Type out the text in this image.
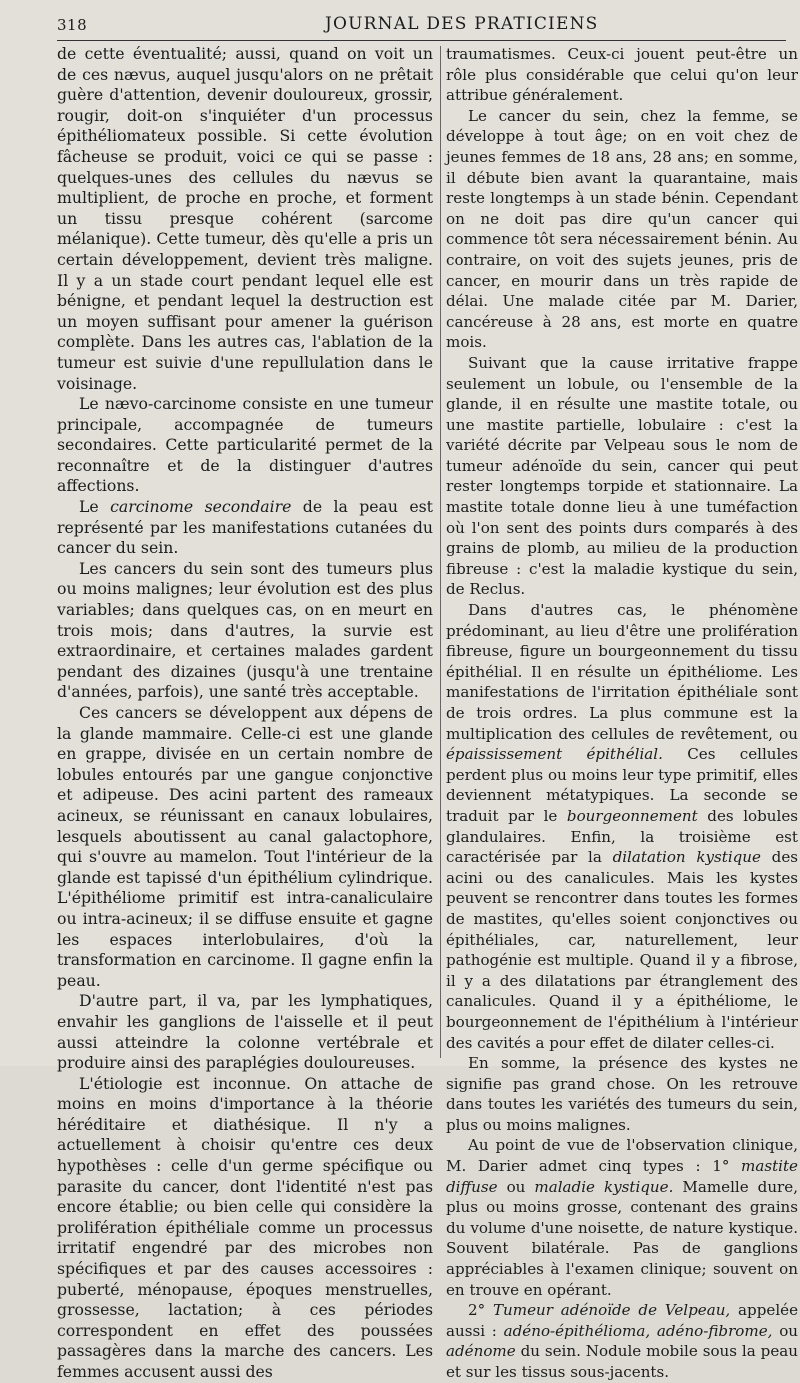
318	JOURNAL DES PRATICIENS

de cette éventualité; aussi, quand on voit un de ces nævus, auquel jusqu'alors on ne prêtait guère d'attention, devenir douloureux, grossir, rougir, doit-on s'inquiéter d'un processus épithéliomateux possible. Si cette évolution fâcheuse se produit, voici ce qui se passe : quelques-unes des cellules du nævus se multiplient, de proche en proche, et forment un tissu presque cohérent (sarcome mélanique). Cette tumeur, dès qu'elle a pris un certain développement, devient très maligne. Il y a un stade court pendant lequel elle est bénigne, et pendant lequel la destruction est un moyen suffisant pour amener la guérison complète. Dans les autres cas, l'ablation de la tumeur est suivie d'une repullulation dans le voisinage.

Le nævo-carcinome consiste en une tumeur principale, accompagnée de tumeurs secondaires. Cette particularité permet de la reconnaître et de la distinguer d'autres affections.

Le carcinome secondaire de la peau est représenté par les manifestations cutanées du cancer du sein.

Les cancers du sein sont des tumeurs plus ou moins malignes; leur évolution est des plus variables; dans quelques cas, on en meurt en trois mois; dans d'autres, la survie est extraordinaire, et certaines malades gardent pendant des dizaines (jusqu'à une trentaine d'années, parfois), une santé très acceptable.

Ces cancers se développent aux dépens de la glande mammaire. Celle-ci est une glande en grappe, divisée en un certain nombre de lobules entourés par une gangue conjonctive et adipeuse. Des acini partent des rameaux acineux, se réunissant en canaux lobulaires, lesquels aboutissent au canal galactophore, qui s'ouvre au mamelon. Tout l'intérieur de la glande est tapissé d'un épithélium cylindrique. L'épithéliome primitif est intra-canaliculaire ou intra-acineux; il se diffuse ensuite et gagne les espaces interlobulaires, d'où la transformation en carcinome. Il gagne enfin la peau.

D'autre part, il va, par les lymphatiques, envahir les ganglions de l'aisselle et il peut aussi atteindre la colonne vertébrale et produire ainsi des paraplégies douloureuses.

L'étiologie est inconnue. On attache de moins en moins d'importance à la théorie héréditaire et diathésique. Il n'y a actuellement à choisir qu'entre ces deux hypothèses : celle d'un germe spécifique ou parasite du cancer, dont l'identité n'est pas encore établie; ou bien celle qui considère la prolifération épithéliale comme un processus irritatif engendré par des microbes non spécifiques et par des causes accessoires : puberté, ménopause, époques menstruelles, grossesse, lactation; à ces périodes correspondent en effet des poussées passagères dans la marche des cancers. Les femmes accusent aussi des

traumatismes. Ceux-ci jouent peut-être un rôle plus considérable que celui qu'on leur attribue généralement.

Le cancer du sein, chez la femme, se développe à tout âge; on en voit chez de jeunes femmes de 18 ans, 28 ans; en somme, il débute bien avant la quarantaine, mais reste longtemps à un stade bénin. Cependant on ne doit pas dire qu'un cancer qui commence tôt sera nécessairement bénin. Au contraire, on voit des sujets jeunes, pris de cancer, en mourir dans un très rapide de délai. Une malade citée par M. Darier, cancéreuse à 28 ans, est morte en quatre mois.

Suivant que la cause irritative frappe seulement un lobule, ou l'ensemble de la glande, il en résulte une mastite totale, ou une mastite partielle, lobulaire : c'est la variété décrite par Velpeau sous le nom de tumeur adénoïde du sein, cancer qui peut rester longtemps torpide et stationnaire. La mastite totale donne lieu à une tuméfaction où l'on sent des points durs comparés à des grains de plomb, au milieu de la production fibreuse : c'est la maladie kystique du sein, de Reclus.

Dans d'autres cas, le phénomène prédominant, au lieu d'être une prolifération fibreuse, figure un bourgeonnement du tissu épithélial. Il en résulte un épithéliome. Les manifestations de l'irritation épithéliale sont de trois ordres. La plus commune est la multiplication des cellules de revêtement, ou épaississement épithélial. Ces cellules perdent plus ou moins leur type primitif, elles deviennent métatypiques. La seconde se traduit par le bourgeonnement des lobules glandulaires. Enfin, la troisième est caractérisée par la dilatation kystique des acini ou des canalicules. Mais les kystes peuvent se rencontrer dans toutes les formes de mastites, qu'elles soient conjonctives ou épithéliales, car, naturellement, leur pathogénie est multiple. Quand il y a fibrose, il y a des dilatations par étranglement des canalicules. Quand il y a épithéliome, le bourgeonnement de l'épithélium à l'intérieur des cavités a pour effet de dilater celles-ci.

En somme, la présence des kystes ne signifie pas grand chose. On les retrouve dans toutes les variétés des tumeurs du sein, plus ou moins malignes.

Au point de vue de l'observation clinique, M. Darier admet cinq types : 1° mastite diffuse ou maladie kystique. Mamelle dure, plus ou moins grosse, contenant des grains du volume d'une noisette, de nature kystique. Souvent bilatérale. Pas de ganglions appréciables à l'examen clinique; souvent on en trouve en opérant.

2° Tumeur adénoïde de Velpeau, appelée aussi : adéno-épithélioma, adéno-fibrome, ou adénome du sein. Nodule mobile sous la peau et sur les tissus sous-jacents.
